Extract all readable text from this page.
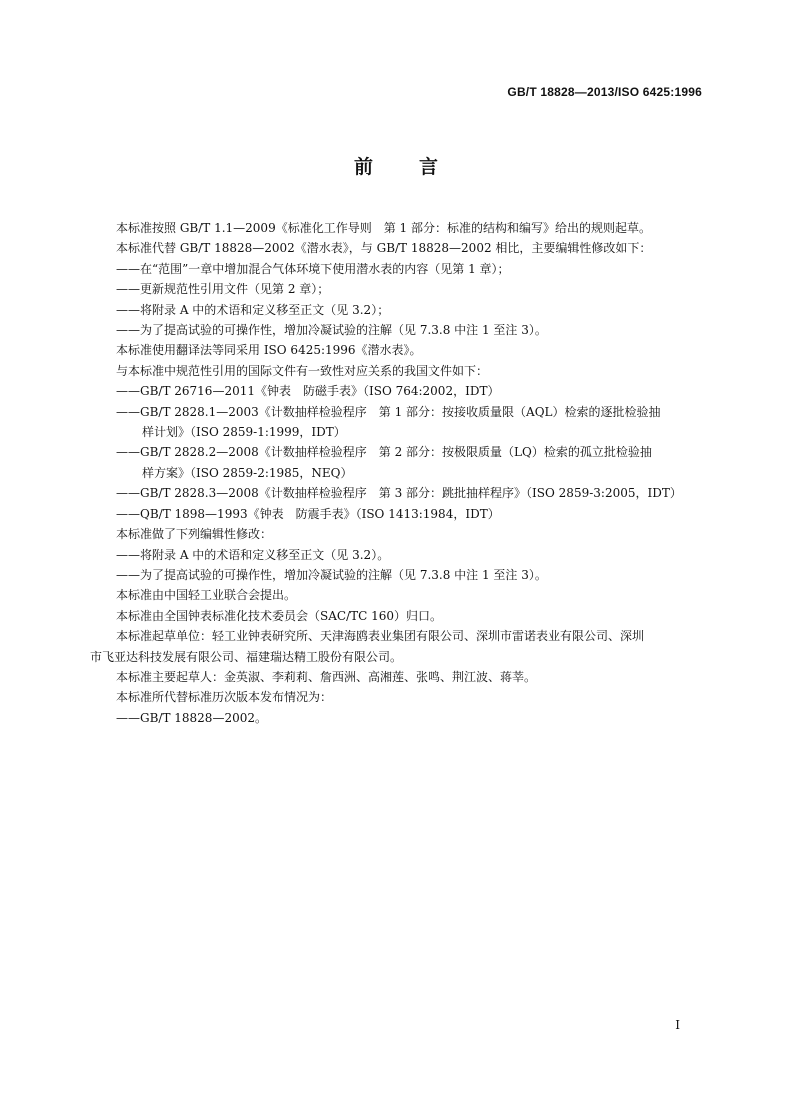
GB/T 18828—2013/ISO 6425:1996
前 言

本标准按照 GB/T 1.1—2009《标准化工作导则　第 1 部分：标准的结构和编写》给出的规则起草。

本标准代替 GB/T 18828—2002《潜水表》，与 GB/T 18828—2002 相比，主要编辑性修改如下：

——在“范围”一章中增加混合气体环境下使用潜水表的内容（见第 1 章）；

——更新规范性引用文件（见第 2 章）；

——将附录 A 中的术语和定义移至正文（见 3.2）；

——为了提高试验的可操作性，增加冷凝试验的注解（见 7.3.8 中注 1 至注 3）。

本标准使用翻译法等同采用 ISO 6425:1996《潜水表》。

与本标准中规范性引用的国际文件有一致性对应关系的我国文件如下：

——GB/T 26716—2011《钟表　防磁手表》（ISO 764:2002，IDT）

——GB/T 2828.1—2003《计数抽样检验程序　第 1 部分：按接收质量限（AQL）检索的逐批检验抽

样计划》（ISO 2859-1:1999，IDT）

——GB/T 2828.2—2008《计数抽样检验程序　第 2 部分：按极限质量（LQ）检索的孤立批检验抽

样方案》（ISO 2859-2:1985，NEQ）

——GB/T 2828.3—2008《计数抽样检验程序　第 3 部分：跳批抽样程序》（ISO 2859-3:2005，IDT）

——QB/T 1898—1993《钟表　防震手表》（ISO 1413:1984，IDT）

本标准做了下列编辑性修改：

——将附录 A 中的术语和定义移至正文（见 3.2）。

——为了提高试验的可操作性，增加冷凝试验的注解（见 7.3.8 中注 1 至注 3）。

本标准由中国轻工业联合会提出。

本标准由全国钟表标准化技术委员会（SAC/TC 160）归口。

本标准起草单位：轻工业钟表研究所、天津海鸥表业集团有限公司、深圳市雷诺表业有限公司、深圳

市飞亚达科技发展有限公司、福建瑞达精工股份有限公司。

本标准主要起草人：金英淑、李莉莉、詹西洲、高湘莲、张鸣、荆江波、蒋莘。

本标准所代替标准历次版本发布情况为：

——GB/T 18828—2002。

I
